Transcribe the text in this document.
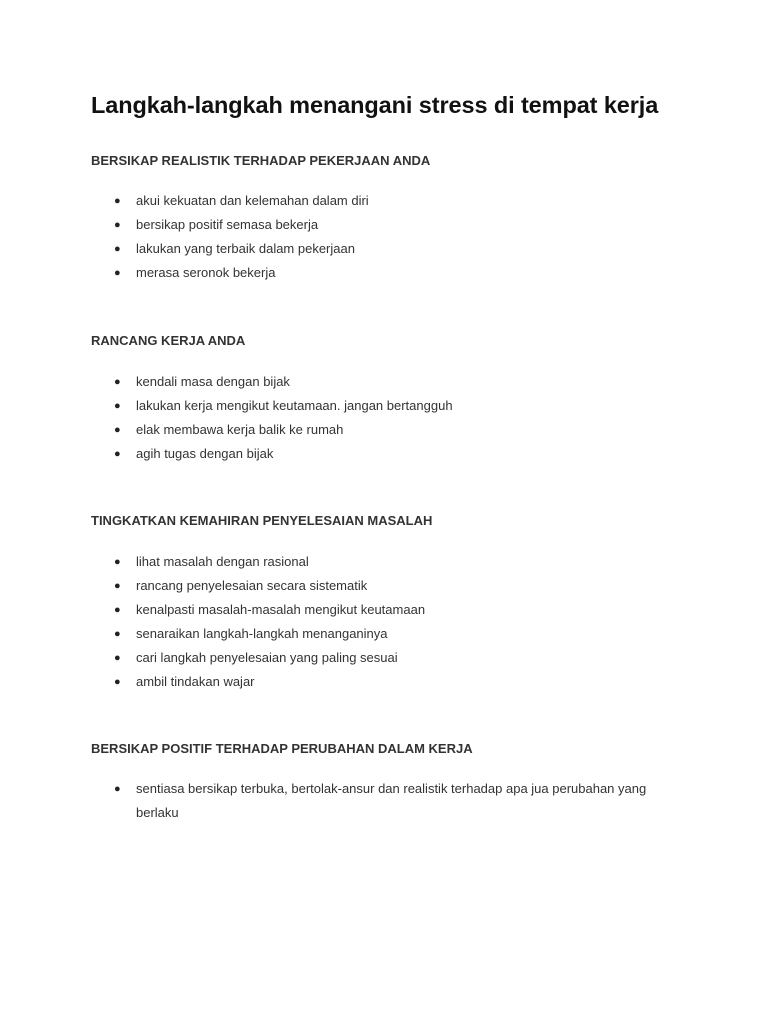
Langkah-langkah menangani stress di tempat kerja
BERSIKAP REALISTIK TERHADAP PEKERJAAN ANDA
● akui kekuatan dan kelemahan dalam diri
● bersikap positif semasa bekerja
● lakukan yang terbaik dalam pekerjaan
● merasa seronok bekerja
RANCANG KERJA ANDA
● kendali masa dengan bijak
● lakukan kerja mengikut keutamaan. jangan bertangguh
● elak membawa kerja balik ke rumah
● agih tugas dengan bijak
TINGKATKAN KEMAHIRAN PENYELESAIAN MASALAH
● lihat masalah dengan rasional
● rancang penyelesaian secara sistematik
● kenalpasti masalah-masalah mengikut keutamaan
● senaraikan langkah-langkah menanganinya
● cari langkah penyelesaian yang paling sesuai
● ambil tindakan wajar
BERSIKAP POSITIF TERHADAP PERUBAHAN DALAM KERJA
● sentiasa bersikap terbuka, bertolak-ansur dan realistik terhadap apa jua perubahan yang berlaku
